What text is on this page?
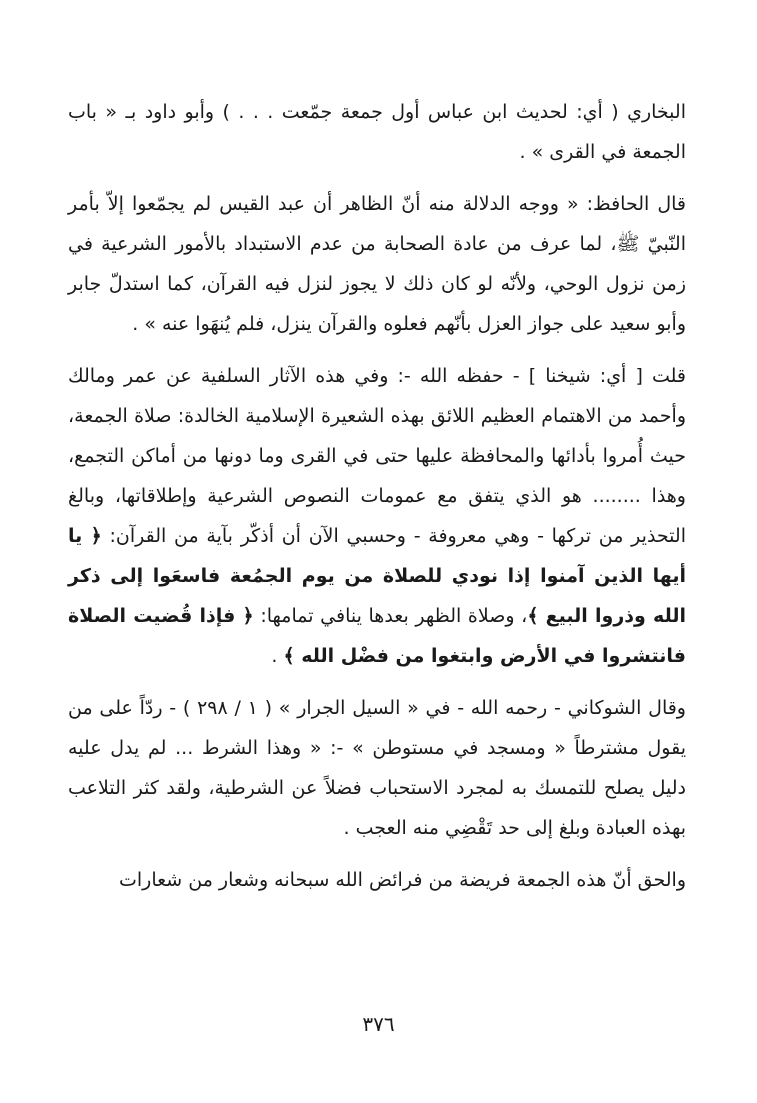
البخاري ( أي: لحديث ابن عباس أول جمعة جمّعت . . . ) وأبو داود بـ « باب الجمعة في القرى » .

قال الحافظ: « ووجه الدلالة منه أنّ الظاهر أن عبد القيس لم يجمّعوا إلاّ بأمر النّبيّ ﷺ، لما عرف من عادة الصحابة من عدم الاستبداد بالأمور الشرعية في زمن نزول الوحي، ولأنّه لو كان ذلك لا يجوز لنزل فيه القرآن، كما استدلّ جابر وأبو سعيد على جواز العزل بأنّهم فعلوه والقرآن ينزل، فلم يُنهَوا عنه » .

قلت [ أي: شيخنا ] - حفظه الله -: وفي هذه الآثار السلفية عن عمر ومالك وأحمد من الاهتمام العظيم اللائق بهذه الشعيرة الإسلامية الخالدة: صلاة الجمعة، حيث أُمروا بأدائها والمحافظة عليها حتى في القرى وما دونها من أماكن التجمع، وهذا ........ هو الذي يتفق مع عمومات النصوص الشرعية وإطلاقاتها، وبالغ التحذير من تركها - وهي معروفة - وحسبي الآن أن أذكّر بآية من القرآن: ﴿ يا أيها الذين آمنوا إذا نودي للصلاة من يوم الجمُعة فاسعَوا إلى ذكر الله وذروا البيع ﴾، وصلاة الظهر بعدها ينافي تمامها: ﴿ فإذا قُضيت الصلاة فانتشروا في الأرض وابتغوا من فضْل الله ﴾ .

وقال الشوكاني - رحمه الله - في « السيل الجرار » ( ١ / ٢٩٨ ) - ردّاً على من يقول مشترطاً « ومسجد في مستوطن » -: « وهذا الشرط ... لم يدل عليه دليل يصلح للتمسك به لمجرد الاستحباب فضلاً عن الشرطية، ولقد كثر التلاعب بهذه العبادة وبلغ إلى حد تَقْضِي منه العجب .

والحق أنّ هذه الجمعة فريضة من فرائض الله سبحانه وشعار من شعارات

٣٧٦
